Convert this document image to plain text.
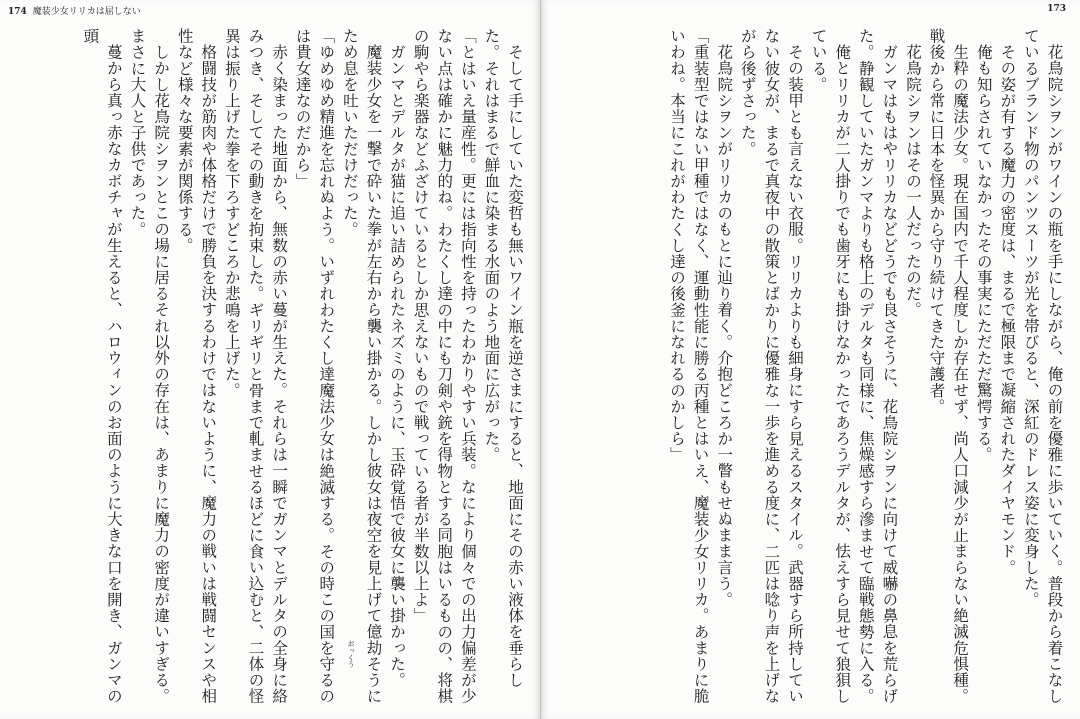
174 魔装少女リリカは屈しない

そして手にしていた変哲も無いワイン瓶を逆さまにすると、地面にその赤い液体を垂らした。それはまるで鮮血に染まる水面のよう地面に広がった。

「とはいえ量産性。更には指向性を持ったわかりやすい兵装。なにより個々での出力偏差が少ない点は確かに魅力的ね。わたくし達の中にも刀剣や銃を得物とする同胞はいるものの、将棋の駒やら楽器などふざけているとしか思えないもので戦っている者が半数以上よ」

ガンマとデルタが猫に追い詰められたネズミのように、玉砕覚悟で彼女に襲い掛かった。

魔装少女を一撃で砕いた拳が左右から襲い掛かる。しかし彼女は夜空を見上げて億劫そうにため息を吐いただけだった。

「ゆめゆめ精進を忘れぬよう。いずれわたくし達魔法少女は絶滅する。その時この国を守るのは貴女達なのだから」

赤く染まった地面から、無数の赤い蔓が生えた。それらは一瞬でガンマとデルタの全身に絡みつき、そしてその動きを拘束した。ギリギリと骨まで軋ませるほどに食い込むと、二体の怪異は振り上げた拳を下ろすどころか悲鳴を上げた。

格闘技が筋肉や体格だけで勝負を決するわけではないように、魔力の戦いは戦闘センスや相性など様々な要素が関係する。

しかし花鳥院シヲンとこの場に居るそれ以外の存在は、あまりに魔力の密度が違いすぎる。まさに大人と子供であった。

蔓から真っ赤なカボチャが生えると、ハロウィンのお面のように大きな口を開き、ガンマの頭

おっくう
173

花鳥院シヲンがワインの瓶を手にしながら、俺の前を優雅に歩いていく。普段から着こなしているブランド物のパンツスーツが光を帯びると、深紅のドレス姿に変身した。

その姿が有する魔力の密度は、まるで極限まで凝縮されたダイヤモンド。

俺も知らされていなかったその事実にただただ驚愕する。

生粋の魔法少女。現在国内で千人程度しか存在せず、尚人口減少が止まらない絶滅危惧種。戦後から常に日本を怪異から守り続けてきた守護者。

花鳥院シヲンはその一人だったのだ。

ガンマはもはやリリカなどどうでも良さそうに、花鳥院シヲンに向けて威嚇の鼻息を荒らげた。静観していたガンマよりも格上のデルタも同様に、焦燥感すら滲ませて臨戦態勢に入る。

俺とリリカが二人掛りでも歯牙にも掛けなかったであろうデルタが、怯えすら見せて狼狽している。

その装甲とも言えない衣服。リリカよりも細身にすら見えるスタイル。武器すら所持していない彼女が、まるで真夜中の散策とばかりに優雅な一歩を進める度に、二匹は唸り声を上げながら後ずさった。

花鳥院シヲンがリリカのもとに辿り着く。介抱どころか一瞥もせぬまま言う。

「重装型ではない甲種ではなく、運動性能に勝る丙種とはいえ、魔装少女リリカ。あまりに脆いわね。本当にこれがわたくし達の後釜になれるのかしら」
